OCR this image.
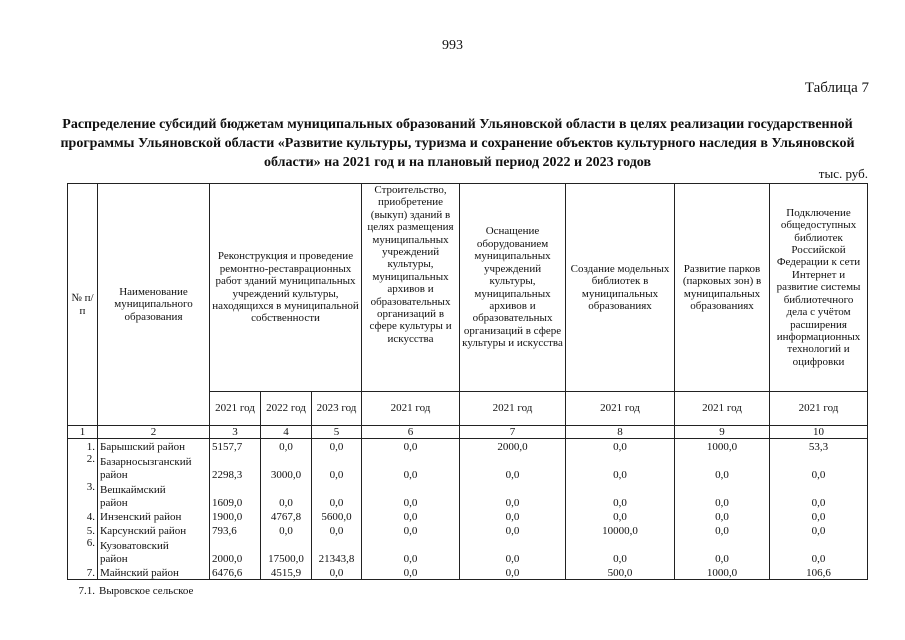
993
Таблица 7
Распределение субсидий бюджетам муниципальных образований Ульяновской области в целях реализации государственной программы Ульяновской области «Развитие культуры, туризма и сохранение объектов культурного наследия в Ульяновской области» на 2021 год и на плановый период 2022 и 2023 годов
тыс. руб.
№ п/п	Наименование муниципального образования	Реконструкция и проведение ремонтно-реставрационных работ зданий муниципальных учреждений культуры, находящихся в муниципальной собственности			Строительство, приобретение (выкуп) зданий в целях размещения муниципальных учреждений культуры, муниципальных архивов и образовательных организаций в сфере культуры и искусства	Оснащение оборудованием муниципальных учреждений культуры, муниципальных архивов и образовательных организаций в сфере культуры и искусства	Создание модельных библиотек в муниципальных образованиях	Развитие парков (парковых зон) в муниципальных образованиях	Подключение общедоступных библиотек Российской Федерации к сети Интернет и развитие системы библиотечного дела с учётом расширения информационных технологий и оцифровки
		2021 год	2022 год	2023 год	2021 год	2021 год	2021 год	2021 год	2021 год
1	2	3	4	5	6	7	8	9	10
1.	Барышский район	5157,7	0,0	0,0	0,0	2000,0	0,0	1000,0	53,3
2.	Базарносызганский
район	2298,3	3000,0	0,0	0,0	0,0	0,0	0,0	0,0
3.	Вешкаймский
район	1609,0	0,0	0,0	0,0	0,0	0,0	0,0	0,0
4.	Инзенский район	1900,0	4767,8	5600,0	0,0	0,0	0,0	0,0	0,0
5.	Карсунский район	793,6	0,0	0,0	0,0	0,0	10000,0	0,0	0,0
6.	Кузоватовский
район	2000,0	17500,0	21343,8	0,0	0,0	0,0	0,0	0,0
7.	Майнский район	6476,6	4515,9	0,0	0,0	0,0	500,0	1000,0	106,6
7.1. Выровское сельское
